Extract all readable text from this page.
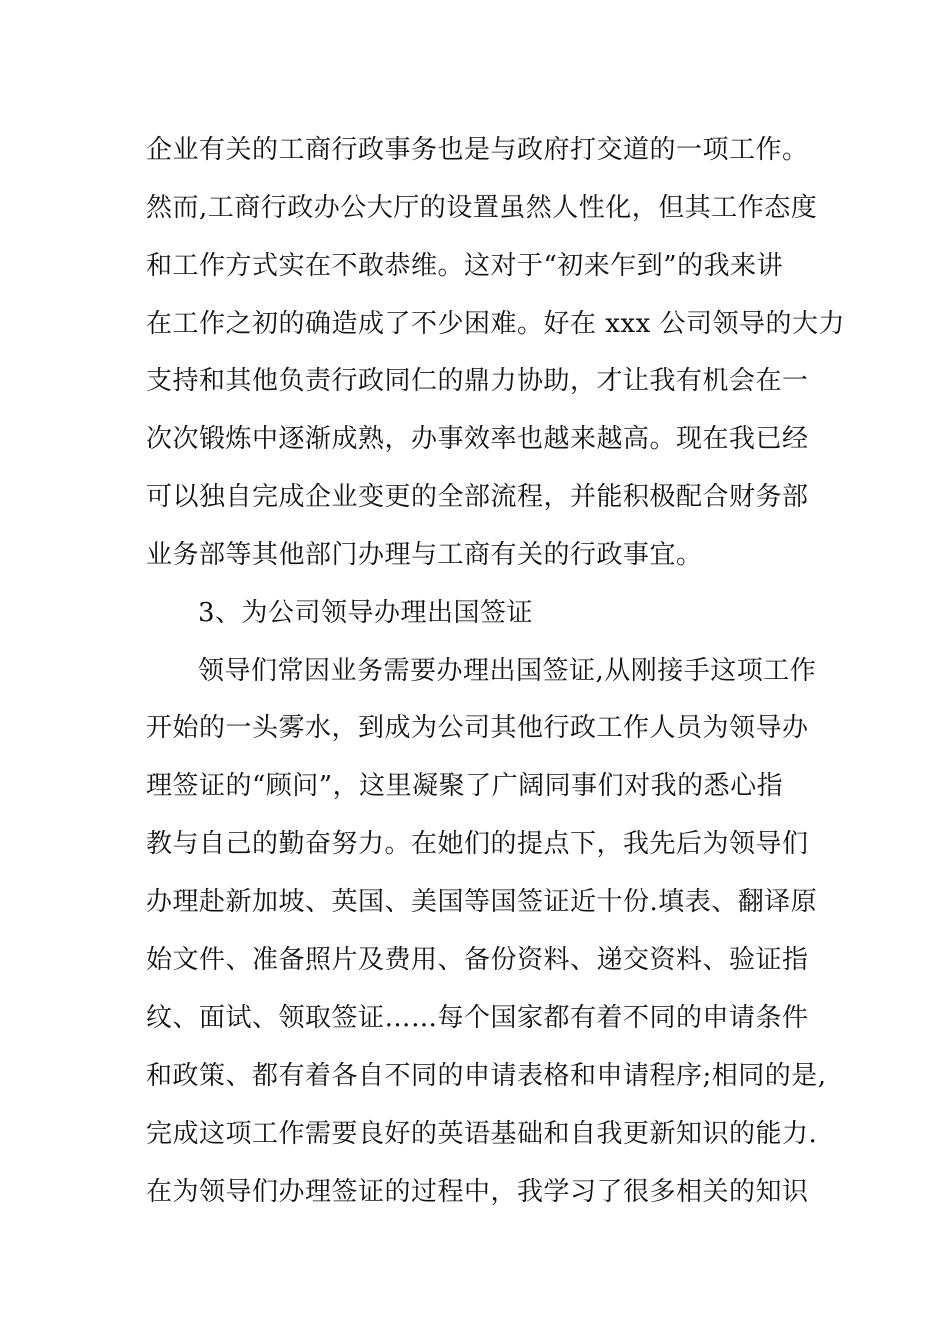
企业有关的工商行政事务也是与政府打交道的一项工作。
然而,工商行政办公大厅的设置虽然人性化，但其工作态度
和工作方式实在不敢恭维。这对于“初来乍到”的我来讲
在工作之初的确造成了不少困难。好在 xxx 公司领导的大力
支持和其他负责行政同仁的鼎力协助，才让我有机会在一
次次锻炼中逐渐成熟，办事效率也越来越高。现在我已经
可以独自完成企业变更的全部流程，并能积极配合财务部
业务部等其他部门办理与工商有关的行政事宜。
3、为公司领导办理出国签证
领导们常因业务需要办理出国签证,从刚接手这项工作
开始的一头雾水，到成为公司其他行政工作人员为领导办
理签证的“顾问”，这里凝聚了广阔同事们对我的悉心指
教与自己的勤奋努力。在她们的提点下，我先后为领导们
办理赴新加坡、英国、美国等国签证近十份.填表、翻译原
始文件、准备照片及费用、备份资料、递交资料、验证指
纹、面试、领取签证……每个国家都有着不同的申请条件
和政策、都有着各自不同的申请表格和申请程序;相同的是,
完成这项工作需要良好的英语基础和自我更新知识的能力.
在为领导们办理签证的过程中，我学习了很多相关的知识
